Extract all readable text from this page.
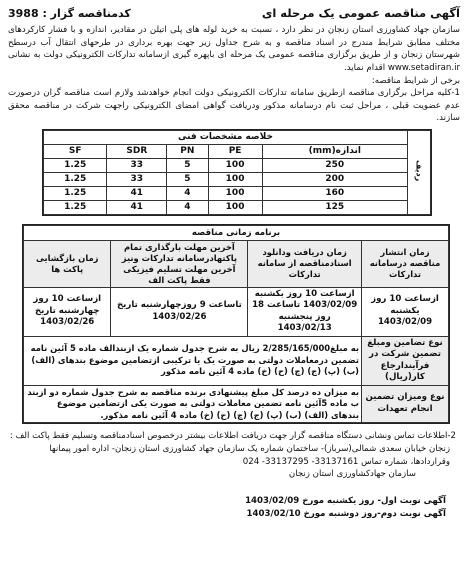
آگهی مناقصه عمومی یک مرحله ای
کدمناقصه گزار : 3988
سازمان جهاد کشاورزی استان زنجان در نظر دارد ، نسبت به خرید لوله های پلی اتیلن در مقادیر، اندازه و با فشار کارکردهای مختلف مطابق شرایط مندرج در اسناد مناقصه و به شرح جداول زیر جهت بهره برداری در طرحهای انتقال آب درسطح شهرستان زنجان و از طریق برگزاری مناقصه عمومی یک مرحله ای باپهره گیری ازسامانه تدارکات الکترونیکی دولت به نشانی www.setadiran.ir اقدام نماید.
برخی از شرایط مناقصه:
1-کلیه مراحل برگزاری مناقصه ازطریق سامانه تدارکات الکترونیکی دولت انجام خواهدشد ولازم است مناقصه گران درصورت عدم عضویت قبلی ، مراحل ثبت نام درسامانه مذکور ودریافت گواهی امضای الکترونیکی راجهت شرکت در مناقصه محقق سازند.
ردیف	خلاصه مشخصات فنی				
	اندازه(mm)	PE	PN	SDR	SF
	250	100	5	33	1.25
	200	100	5	33	1.25
	160	100	4	41	1.25
	125	100	4	41	1.25
برنامه زمانی مناقصه			
زمان انتشار مناقصه درسامانه تدارکات	زمان دریافت ودانلود اسنادمناقصه از سامانه تدارکات	آخرین مهلت بارگذاری تمام پاکتهادرسامانه تدارکات ونیز آخرین مهلت تسلیم فیزیکی فقط پاکت الف	زمان بازگشایی پاکت ها
ازساعت 10 روز یکشنبه 1403/02/09	ازساعت 10 روز یکشنبه 1403/02/09 تاساعت 18 روز پنجشنبه 1403/02/13	تاساعت 9 روزچهارشنبه تاریخ 1403/02/26	ازساعت 10 روز چهارشنبه تاریخ 1403/02/26
نوع تضامین ومبلغ تضمین شرکت در فرآیندارجاع کار(ریال)	به مبلغ2/285/165/000 ریال به شرح جدول شماره یک ازبندالف ماده 5 آئین نامه تضمین درمعاملات دولتی به صورت یک یا ترکیبی ازتضامین موضوع بندهای (الف) (ب) (پ) (ج) (چ) (ح) (خ) ماده 4 آئین نامه مذکور		
نوع ومیزان تضمین انجام تعهدات	به میزان ده درصد کل مبلغ پیشنهادی برنده مناقصه به شرح جدول شماره دو ازبند ب ماده 5آئین نامه تضمین معاملات دولتی به صورت یکی ازتضامین موضوع بندهای (الف) (ب) (پ) (ج) (چ) (ح) (خ) ماده 4 آئین نامه مذکور.		
2-اطلاعات تماس ونشانی دستگاه مناقصه گزار جهت دریافت اطلاعات بیشتر درخصوص اسنادمناقصه وتسلیم فقط پاکت الف :
زنجان خیابان سعدی شمالی(سرباز)- ساختمان شماره یک سازمان جهاد کشاورزی استان زنجان- اداره امور پیمانها وقراردادها، شماره تماس 33137161- 33137295- 024
سازمان جهادکشاورزی استان زنجان
آگهی نوبت اول- روز یکشنبه مورخ 1403/02/09
آگهی نوبت دوم-روز دوشنبه مورخ 1403/02/10
